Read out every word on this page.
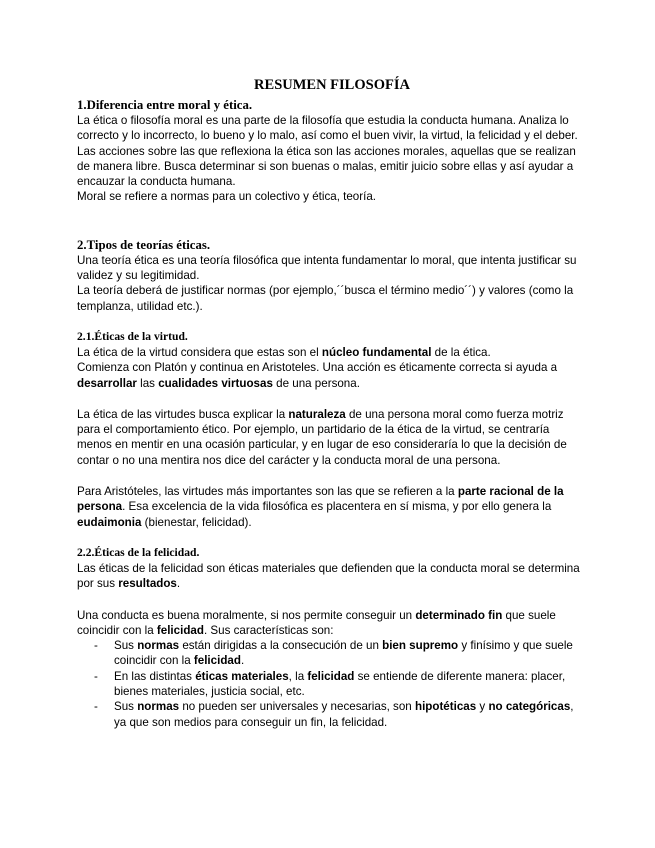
RESUMEN FILOSOFÍA
1.Diferencia entre moral y ética.

La ética o filosofía moral es una parte de la filosofía que estudia la conducta humana. Analiza lo correcto y lo incorrecto, lo bueno y lo malo, así como el buen vivir, la virtud, la felicidad y el deber.

Las acciones sobre las que reflexiona la ética son las acciones morales, aquellas que se realizan de manera libre. Busca determinar si son buenas o malas, emitir juicio sobre ellas y así ayudar a encauzar la conducta humana.

Moral se refiere a normas para un colectivo y ética, teoría.

2.Tipos de teorías éticas.

Una teoría ética es una teoría filosófica que intenta fundamentar lo moral, que intenta justificar su validez y su legitimidad.

La teoría deberá de justificar normas (por ejemplo,´´busca el término medio´´) y valores (como la templanza, utilidad etc.).

2.1.Éticas de la virtud.

La ética de la virtud considera que estas son el núcleo fundamental de la ética.

Comienza con Platón y continua en Aristoteles. Una acción es éticamente correcta si ayuda a desarrollar las cualidades virtuosas de una persona.

La ética de las virtudes busca explicar la naturaleza de una persona moral como fuerza motriz para el comportamiento ético. Por ejemplo, un partidario de la ética de la virtud, se centraría menos en mentir en una ocasión particular, y en lugar de eso consideraría lo que la decisión de contar o no una mentira nos dice del carácter y la conducta moral de una persona.

Para Aristóteles, las virtudes más importantes son las que se refieren a la parte racional de la persona. Esa excelencia de la vida filosófica es placentera en sí misma, y por ello genera la eudaimonia (bienestar, felicidad).

2.2.Éticas de la felicidad.

Las éticas de la felicidad son éticas materiales que defienden que la conducta moral se determina por sus resultados.

Una conducta es buena moralmente, si nos permite conseguir un determinado fin que suele coincidir con la felicidad. Sus características son:

- Sus normas están dirigidas a la consecución de un bien supremo y finísimo y que suele coincidir con la felicidad.
- En las distintas éticas materiales, la felicidad se entiende de diferente manera: placer, bienes materiales, justicia social, etc.
- Sus normas no pueden ser universales y necesarias, son hipotéticas y no categóricas, ya que son medios para conseguir un fin, la felicidad.
